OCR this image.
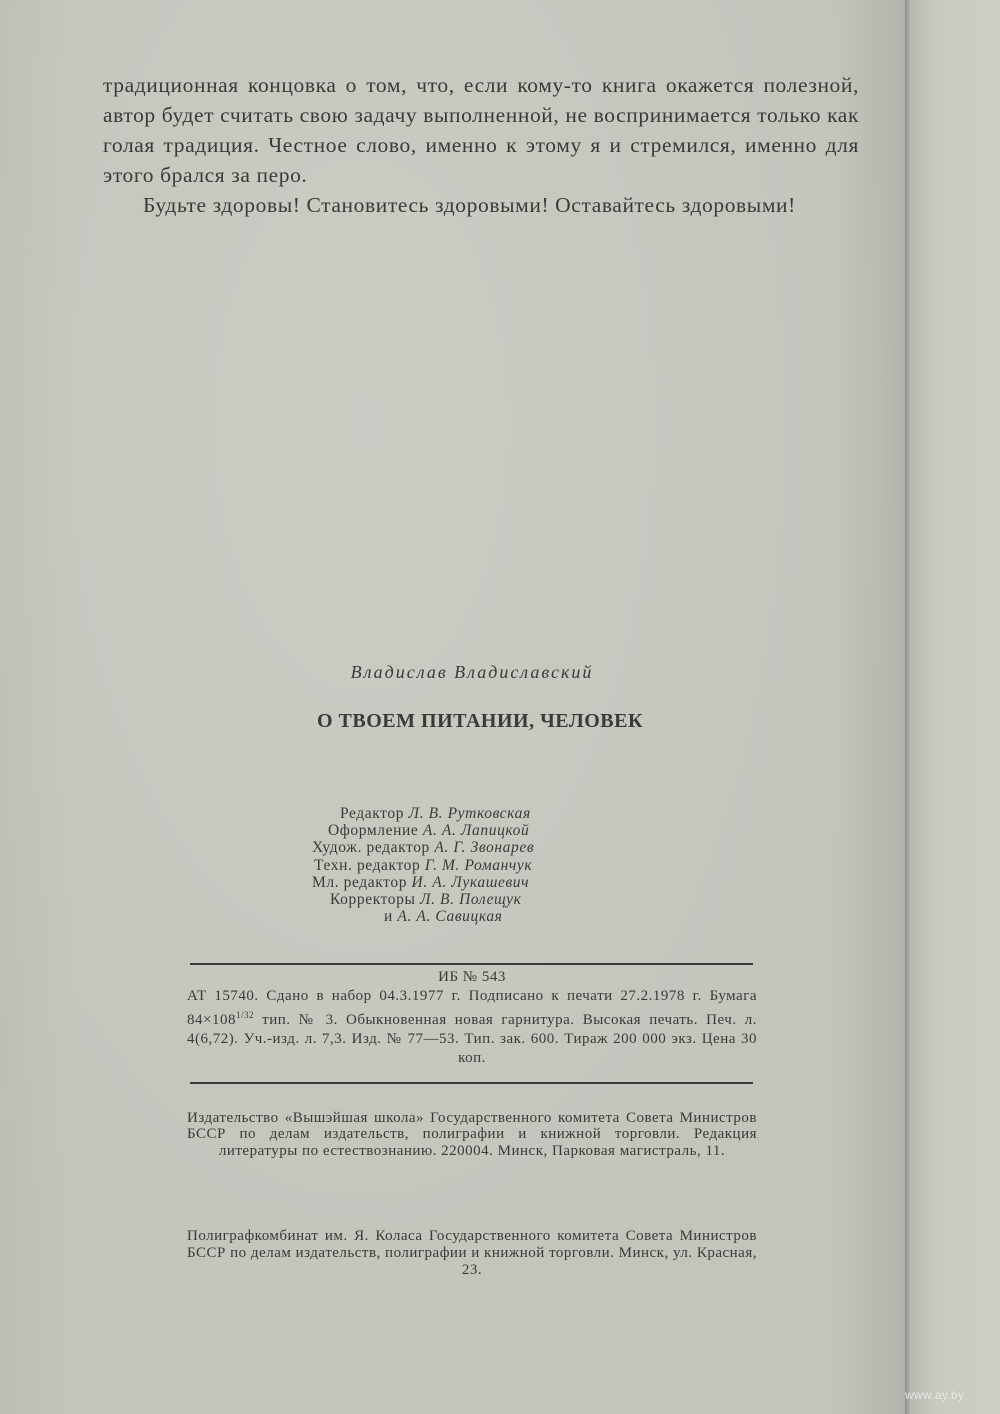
традиционная концовка о том, что, если кому-то книга окажется полезной, автор будет считать свою задачу выполненной, не воспринимается только как голая традиция. Честное слово, именно к этому я и стремился, именно для этого брался за перо.

Будьте здоровы! Становитесь здоровыми! Оставайтесь здоровыми!

Владислав Владиславский
О ТВОЕМ ПИТАНИИ, ЧЕЛОВЕК
Редактор Л. В. Рутковская
Оформление А. А. Лапицкой
Худож. редактор А. Г. Звонарев
Техн. редактор Г. М. Романчук
Мл. редактор И. А. Лукашевич
Корректоры Л. В. Полещук
и А. А. Савицкая
ИБ № 543
АТ 15740. Сдано в набор 04.3.1977 г. Подписано к печати 27.2.1978 г. Бумага $84\times 108^{1/32}$ тип. № 3. Обыкновенная новая гарнитура. Высокая печать. Печ. л. 4(6,72). Уч.-изд. л. 7,3. Изд. № 77—53. Тип. зак. 600. Тираж 200 000 экз. Цена 30 коп.

Издательство «Вышэйшая школа» Государственного комитета Совета Министров БССР по делам издательств, полиграфии и книжной торговли. Редакция литературы по естествознанию. 220004. Минск, Парковая магистраль, 11.

Полиграфкомбинат им. Я. Коласа Государственного комитета Совета Министров БССР по делам издательств, полиграфии и книжной торговли. Минск, ул. Красная, 23.

www.ay.by
